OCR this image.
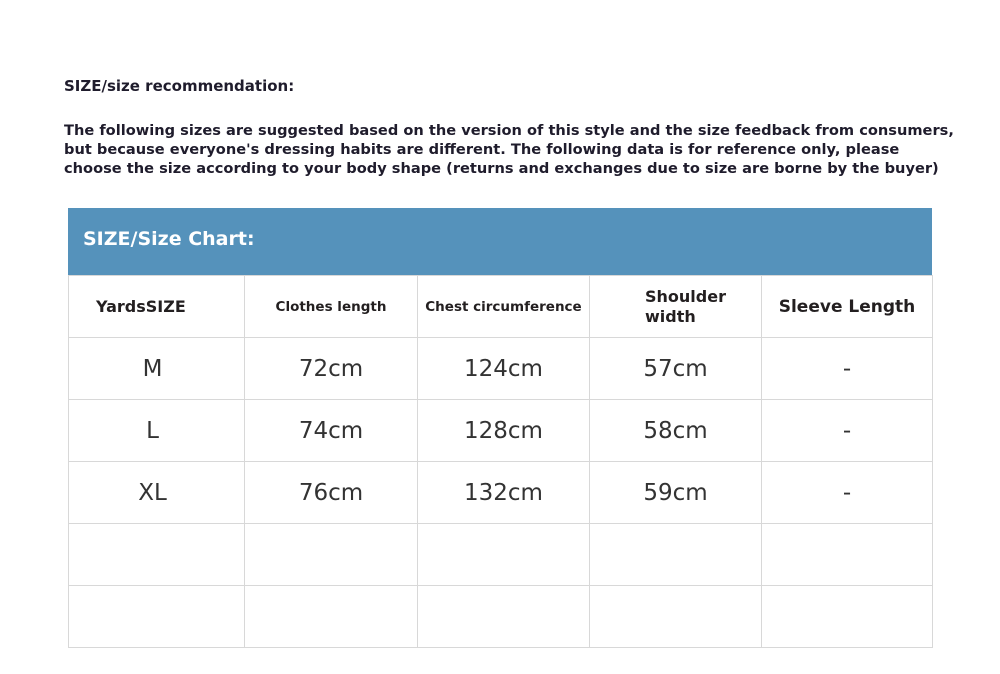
SIZE/size recommendation:
The following sizes are suggested based on the version of this style and the size feedback from consumers,
but because everyone's dressing habits are different. The following data is for reference only, please
choose the size according to your body shape (returns and exchanges due to size are borne by the buyer)
SIZE/Size Chart:
YardsSIZE	Clothes length	Chest circumference	Shoulder width	Sleeve Length
M	72cm	124cm	57cm	-
L	74cm	128cm	58cm	-
XL	76cm	132cm	59cm	-
